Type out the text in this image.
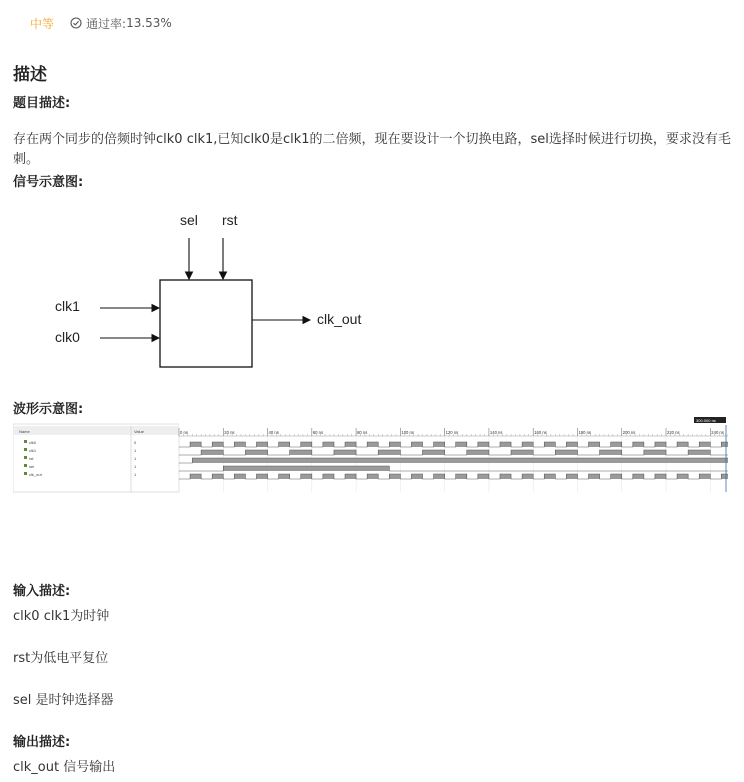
中等	通过率: 13.53%
描述
题目描述:
存在两个同步的倍频时钟clk0 clk1,已知clk0是clk1的二倍频，现在要设计一个切换电路，sel选择时候进行切换，要求没有毛刺。
信号示意图:
sel rst
clk1
clk0
clk_out
波形示意图:
Name	Value
clk0	0
clk1	1
rst	1
sel	1
clk_out	1
300.000 ns
0 ns	20 ns	40 ns	60 ns	80 ns	100 ns	120 ns	140 ns	160 ns	180 ns	200 ns	220 ns	240 ns
输入描述:
clk0 clk1为时钟
rst为低电平复位
sel 是时钟选择器
输出描述:
clk_out 信号输出
